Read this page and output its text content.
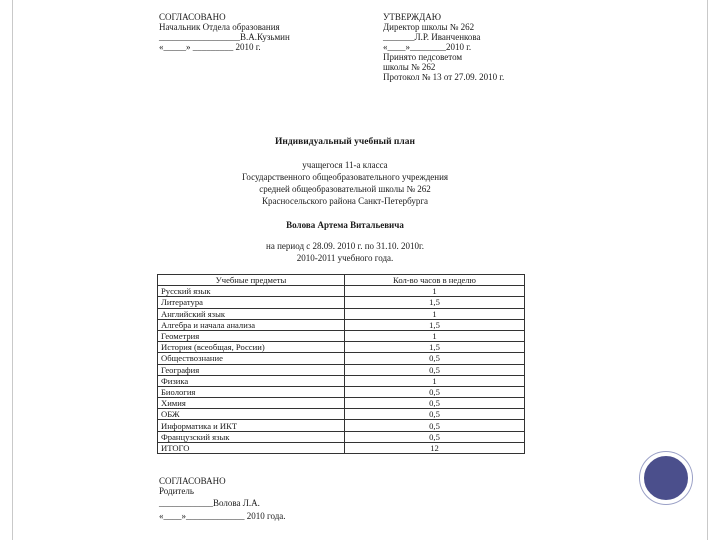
СОГЛАСОВАНО
Начальник Отдела образования
__________________В.А.Кузьмин
«_____» _________ 2010 г.
УТВЕРЖДАЮ
Директор школы № 262
_______Л.Р. Иванченкова
«____»________2010 г.
Принято педсоветом
школы № 262
Протокол № 13 от 27.09. 2010 г.
Индивидуальный учебный план
учащегося 11-а класса
Государственного общеобразовательного учреждения
средней общеобразовательной школы № 262
Красносельского района Санкт-Петербурга
Волова Артема Витальевича
на период с 28.09. 2010 г. по 31.10. 2010г.
2010-2011 учебного года.
Учебные предметы	Кол-во часов в неделю
Русский язык	1
Литература	1,5
Английский язык	1
Алгебра и начала анализа	1,5
Геометрия	1
История (всеобщая, России)	1,5
Обществознание	0,5
География	0,5
Физика	1
Биология	0,5
Химия	0,5
ОБЖ	0,5
Информатика и ИКТ	0,5
Французский язык	0,5
ИТОГО	12
СОГЛАСОВАНО
Родитель
____________Волова Л.А.
«____»_____________ 2010 года.
